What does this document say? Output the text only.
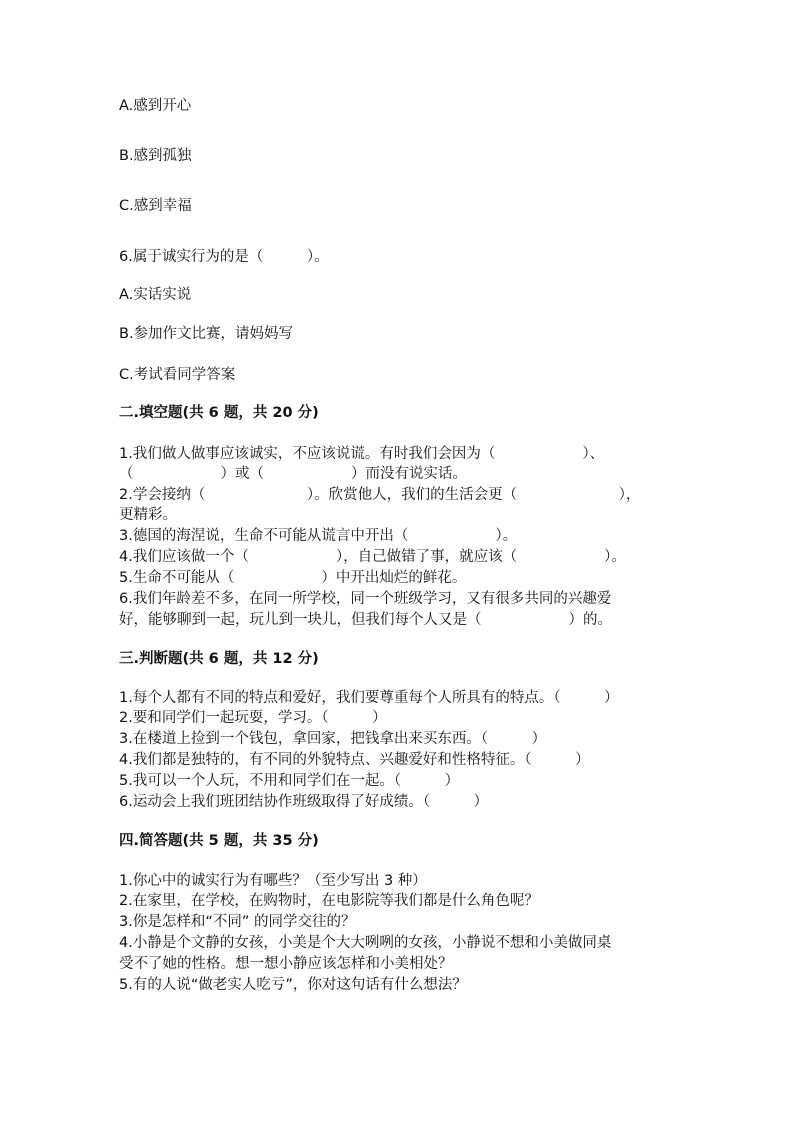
A.感到开心
B.感到孤独
C.感到幸福
6.属于诚实行为的是（　　　）。
A.实话实说
B.参加作文比赛，请妈妈写
C.考试看同学答案
二.填空题(共 6 题，共 20 分)
1.我们做人做事应该诚实，不应该说谎。有时我们会因为（　　　　　　）、
（　　　　　　）或（　　　　　　）而没有说实话。
2.学会接纳（　　　　　　　）。欣赏他人，我们的生活会更（　　　　　　　），
更精彩。
3.德国的海涅说，生命不可能从谎言中开出（　　　　　　）。
4.我们应该做一个（　　　　　　），自己做错了事，就应该（　　　　　　）。
5.生命不可能从（　　　　　　）中开出灿烂的鲜花。
6.我们年龄差不多，在同一所学校，同一个班级学习，又有很多共同的兴趣爱
好，能够聊到一起，玩儿到一块儿，但我们每个人又是（　　　　　　）的。
三.判断题(共 6 题，共 12 分)
1.每个人都有不同的特点和爱好，我们要尊重每个人所具有的特点。（　　　）
2.要和同学们一起玩耍，学习。（　　　）
3.在楼道上捡到一个钱包，拿回家，把钱拿出来买东西。（　　　）
4.我们都是独特的，有不同的外貌特点、兴趣爱好和性格特征。（　　　）
5.我可以一个人玩，不用和同学们在一起。（　　　）
6.运动会上我们班团结协作班级取得了好成绩。（　　　）
四.简答题(共 5 题，共 35 分)
1.你心中的诚实行为有哪些？（至少写出 3 种）
2.在家里，在学校，在购物时，在电影院等我们都是什么角色呢？
3.你是怎样和“不同” 的同学交往的？
4.小静是个文静的女孩，小美是个大大咧咧的女孩，小静说不想和小美做同桌
受不了她的性格。想一想小静应该怎样和小美相处？
5.有的人说“做老实人吃亏”，你对这句话有什么想法？
